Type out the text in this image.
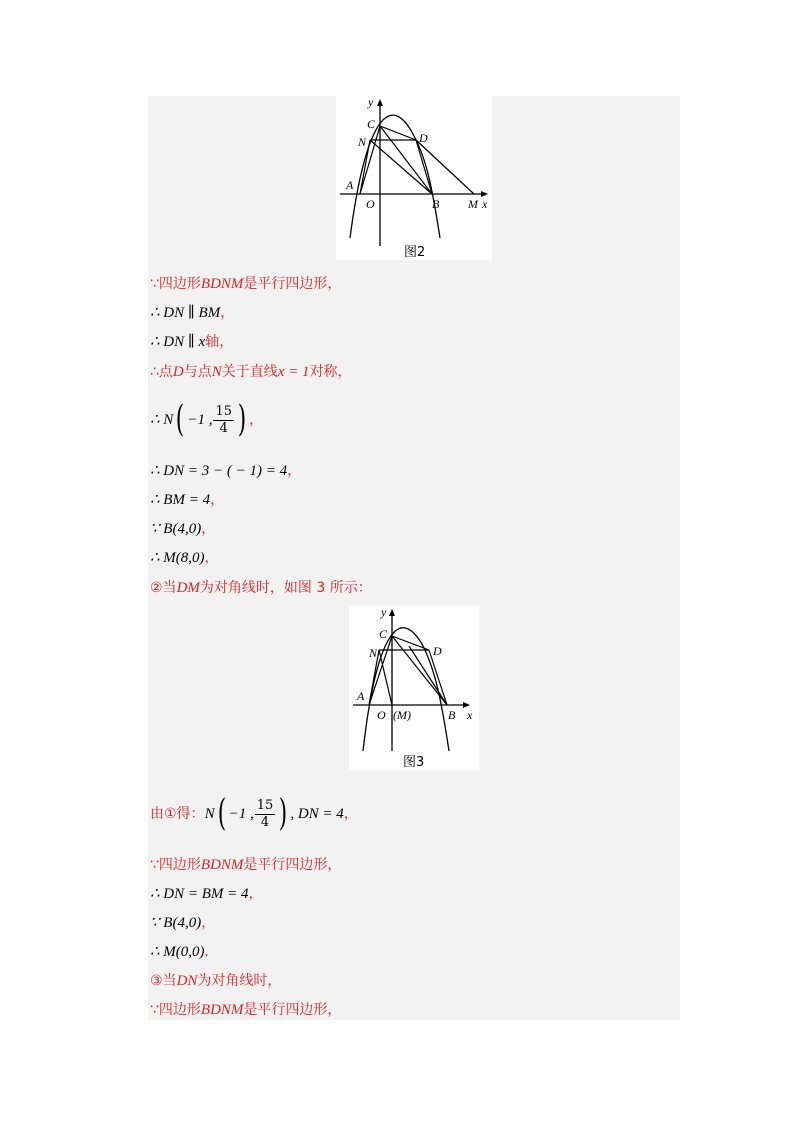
y
C
D
N
A
O	B M x
图2
∵四边形BDNM是平行四边形，
∴ DN ∥ BM，
∴ DN ∥ x轴，
∴点D与点N关于直线x = 1对称，
∴ N( −1 , $\frac{15}{4}$ ) ，
∴ DN = 3 − ( − 1) = 4，
∴ BM = 4，
∵ B(4,0)，
∴ M(8,0)，
②当DM为对角线时，如图 3 所示：
y
C
D
N
A
O (M)	B x
图3
由①得：N( −1 , $\frac{15}{4}$ ) , DN = 4，
∵四边形BDNM是平行四边形，
∴ DN = BM = 4，
∵ B(4,0)，
∴ M(0,0)．
③当DN为对角线时，
∵四边形BDNM是平行四边形，
